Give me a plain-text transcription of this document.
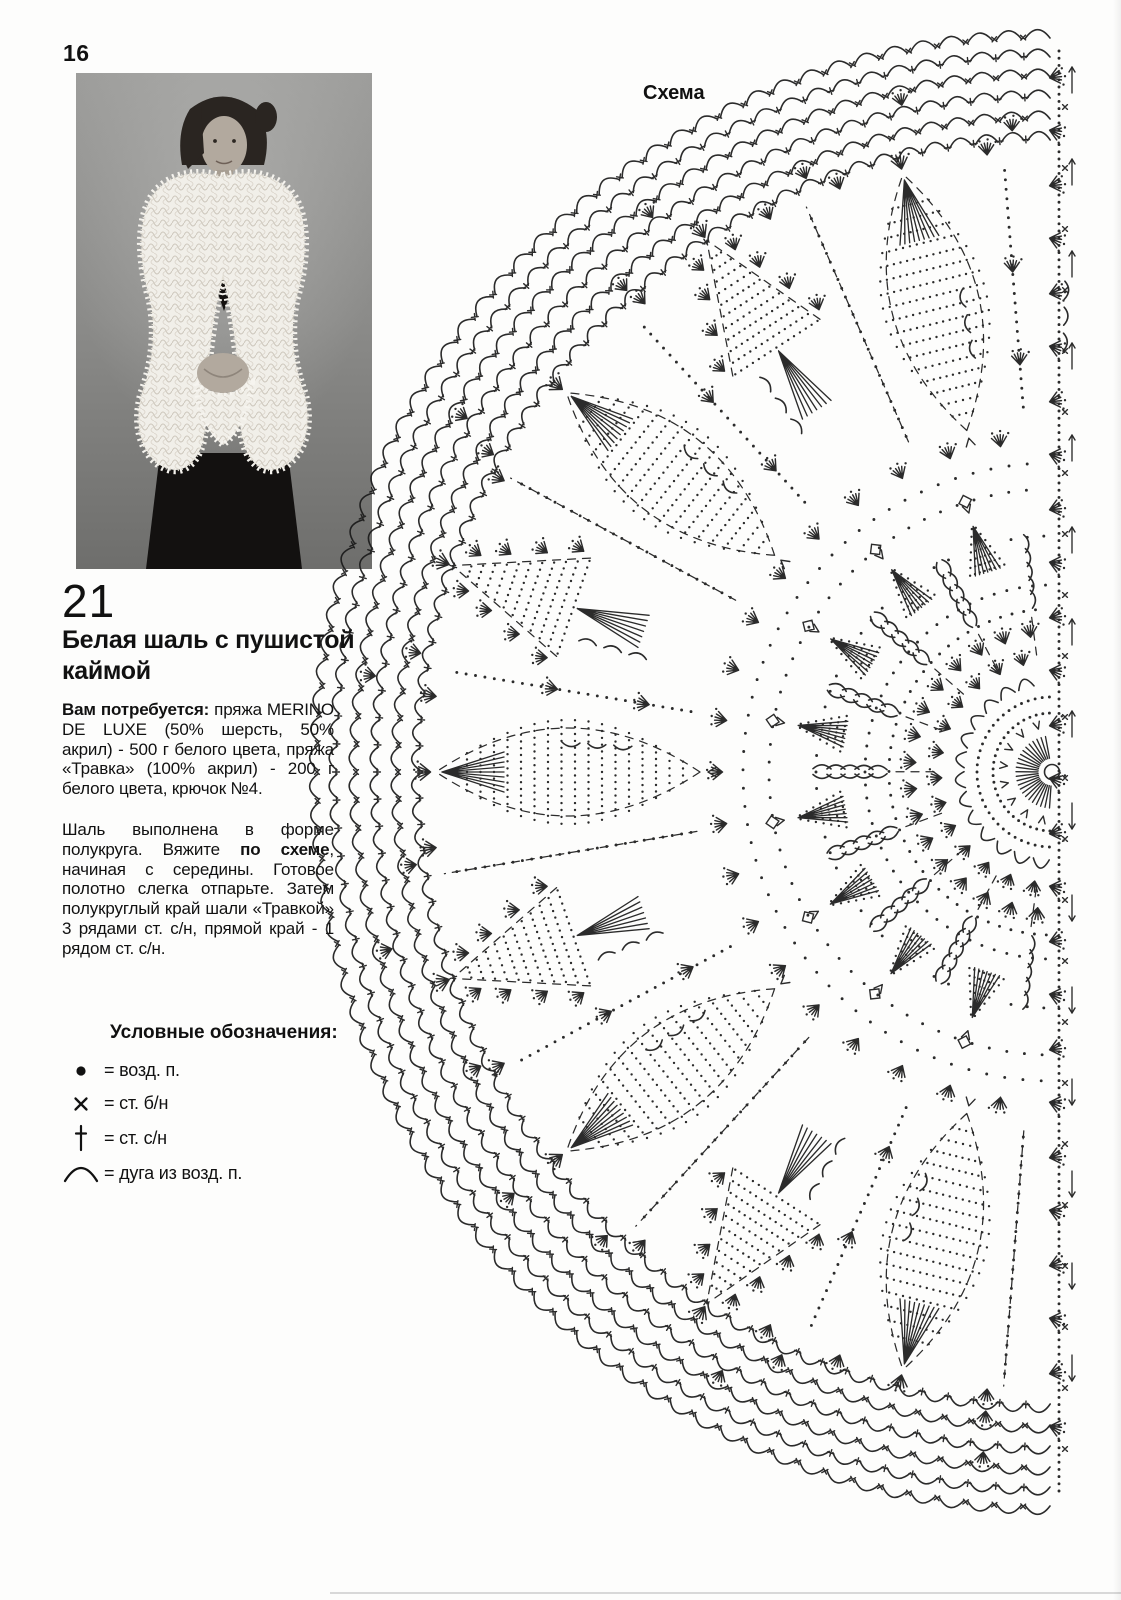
16
21
Белая шаль с пушистой каймой
Вам потребуется: пряжа MERINO DE LUXE (50% шерсть, 50% акрил) - 500 г белого цвета, пряжа «Травка» (100% акрил) - 200 г белого цвета, крючок №4.
Шаль выполнена в форме полукруга. Вяжите по схеме, начиная с середины. Готовое полотно слегка отпарьте. Затем полукруглый край шали «Травкой» 3 рядами ст. с/н, прямой край - 1 рядом ст. с/н.
Условные обозначения:
= возд. п.
= ст. б/н
= ст. с/н
= дуга из возд. п.
Схема
